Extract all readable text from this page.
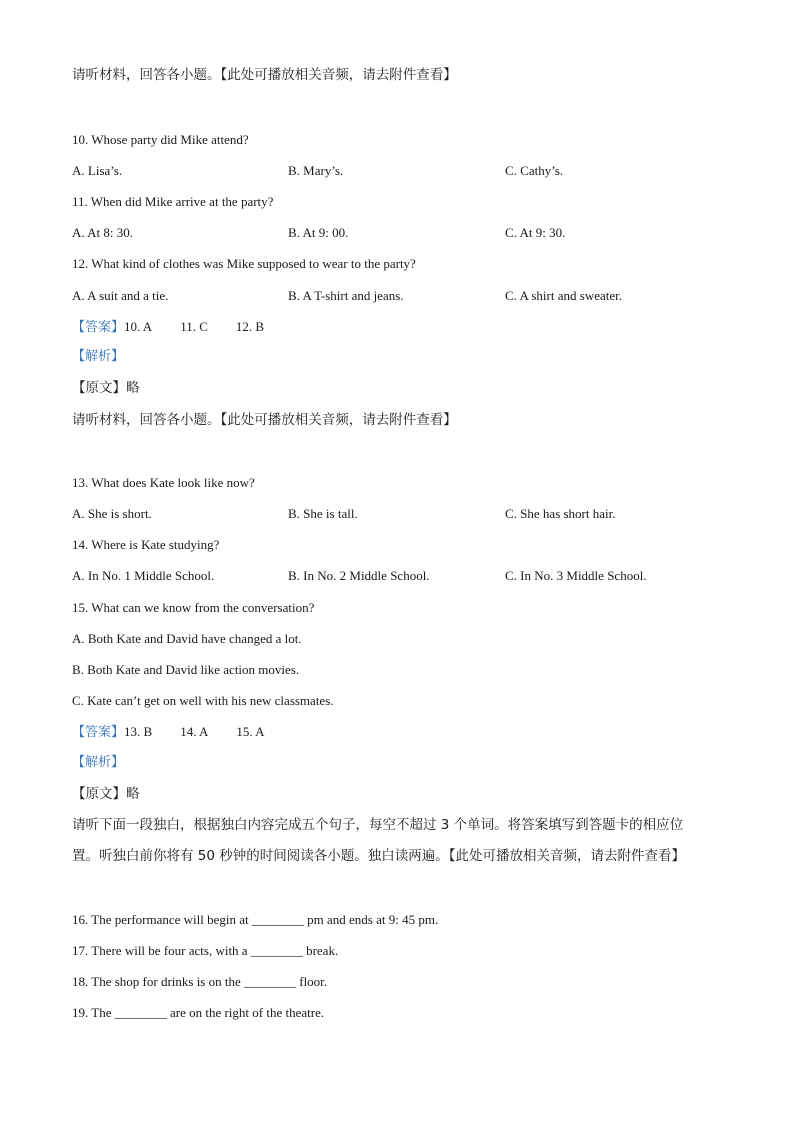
请听材料，回答各小题。【此处可播放相关音频，请去附件查看】
10. Whose party did Mike attend?
A. Lisa’s.	B. Mary’s.	C. Cathy’s.
11. When did Mike arrive at the party?
A. At 8: 30.	B. At 9: 00.	C. At 9: 30.
12. What kind of clothes was Mike supposed to wear to the party?
A. A suit and a tie.	B. A T-shirt and jeans.	C. A shirt and sweater.
【答案】10. A 11. C 12. B
【解析】
【原文】略
请听材料，回答各小题。【此处可播放相关音频，请去附件查看】
13. What does Kate look like now?
A. She is short.	B. She is tall.	C. She has short hair.
14. Where is Kate studying?
A. In No. 1 Middle School.	B. In No. 2 Middle School.	C. In No. 3 Middle School.
15. What can we know from the conversation?
A. Both Kate and David have changed a lot.
B. Both Kate and David like action movies.
C. Kate can’t get on well with his new classmates.
【答案】13. B 14. A 15. A
【解析】
【原文】略
请听下面一段独白，根据独白内容完成五个句子，每空不超过 3 个单词。将答案填写到答题卡的相应位
置。听独白前你将有 50 秒钟的时间阅读各小题。独白读两遍。【此处可播放相关音频，请去附件查看】
16. The performance will begin at ________ pm and ends at 9: 45 pm.
17. There will be four acts, with a ________ break.
18. The shop for drinks is on the ________ floor.
19. The ________ are on the right of the theatre.
